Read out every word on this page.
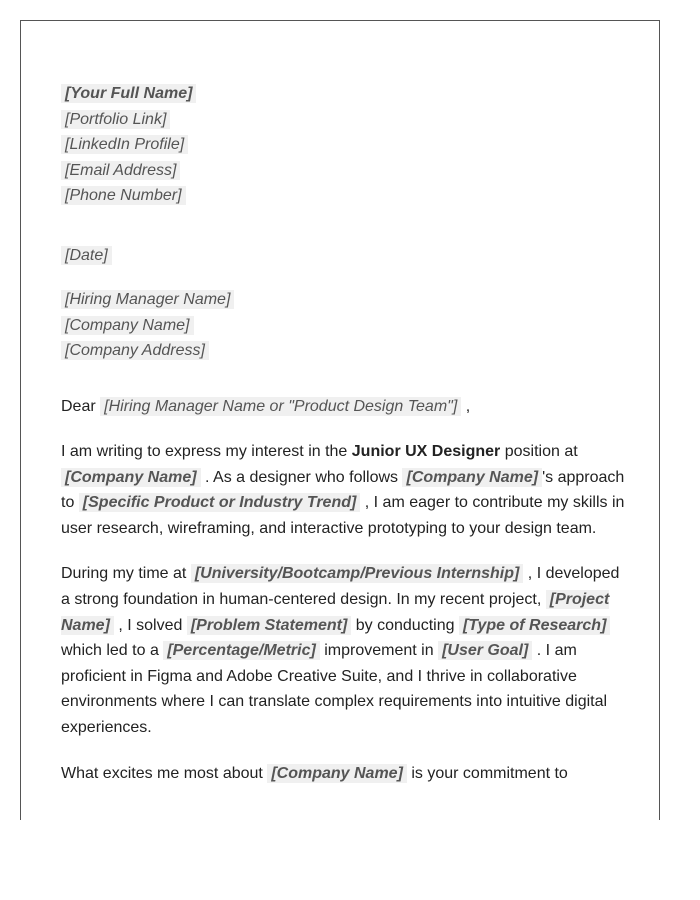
[Your Full Name]
[Portfolio Link]
[LinkedIn Profile]
[Email Address]
[Phone Number]
[Date]
[Hiring Manager Name]
[Company Name]
[Company Address]

Dear [Hiring Manager Name or "Product Design Team"] ,

I am writing to express my interest in the Junior UX Designer position at [Company Name] . As a designer who follows [Company Name] 's approach to [Specific Product or Industry Trend] , I am eager to contribute my skills in user research, wireframing, and interactive prototyping to your design team.

During my time at [University/Bootcamp/Previous Internship] , I developed a strong foundation in human-centered design. In my recent project, [Project Name] , I solved [Problem Statement] by conducting [Type of Research] which led to a [Percentage/Metric] improvement in [User Goal] . I am proficient in Figma and Adobe Creative Suite, and I thrive in collaborative environments where I can translate complex requirements into intuitive digital experiences.

What excites me most about [Company Name] is your commitment to
